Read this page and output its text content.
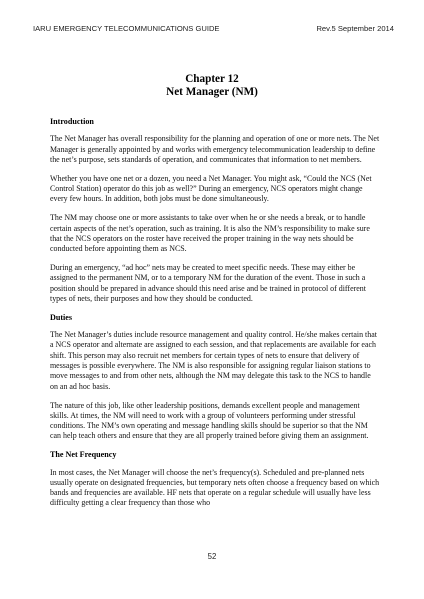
IARU EMERGENCY TELECOMMUNICATIONS GUIDE	Rev.5 September 2014
Chapter 12
Net Manager (NM)
Introduction

The Net Manager has overall responsibility for the planning and operation of one or more nets. The Net Manager is generally appointed by and works with emergency telecommunication leadership to define the net’s purpose, sets standards of operation, and communicates that information to net members.

Whether you have one net or a dozen, you need a Net Manager. You might ask, “Could the NCS (Net Control Station) operator do this job as well?” During an emergency, NCS operators might change every few hours. In addition, both jobs must be done simultaneously.

The NM may choose one or more assistants to take over when he or she needs a break, or to handle certain aspects of the net’s operation, such as training. It is also the NM’s responsibility to make sure that the NCS operators on the roster have received the proper training in the way nets should be conducted before appointing them as NCS.

During an emergency, “ad hoc” nets may be created to meet specific needs. These may either be assigned to the permanent NM, or to a temporary NM for the duration of the event. Those in such a position should be prepared in advance should this need arise and be trained in protocol of different types of nets, their purposes and how they should be conducted.

Duties

The Net Manager’s duties include resource management and quality control. He/she makes certain that a NCS operator and alternate are assigned to each session, and that replacements are available for each shift. This person may also recruit net members for certain types of nets to ensure that delivery of messages is possible everywhere. The NM is also responsible for assigning regular liaison stations to move messages to and from other nets, although the NM may delegate this task to the NCS to handle on an ad hoc basis.

The nature of this job, like other leadership positions, demands excellent people and management skills. At times, the NM will need to work with a group of volunteers performing under stressful conditions. The NM’s own operating and message handling skills should be superior so that the NM can help teach others and ensure that they are all properly trained before giving them an assignment.

The Net Frequency

In most cases, the Net Manager will choose the net’s frequency(s). Scheduled and pre-planned nets usually operate on designated frequencies, but temporary nets often choose a frequency based on which bands and frequencies are available. HF nets that operate on a regular schedule will usually have less difficulty getting a clear frequency than those who

52
